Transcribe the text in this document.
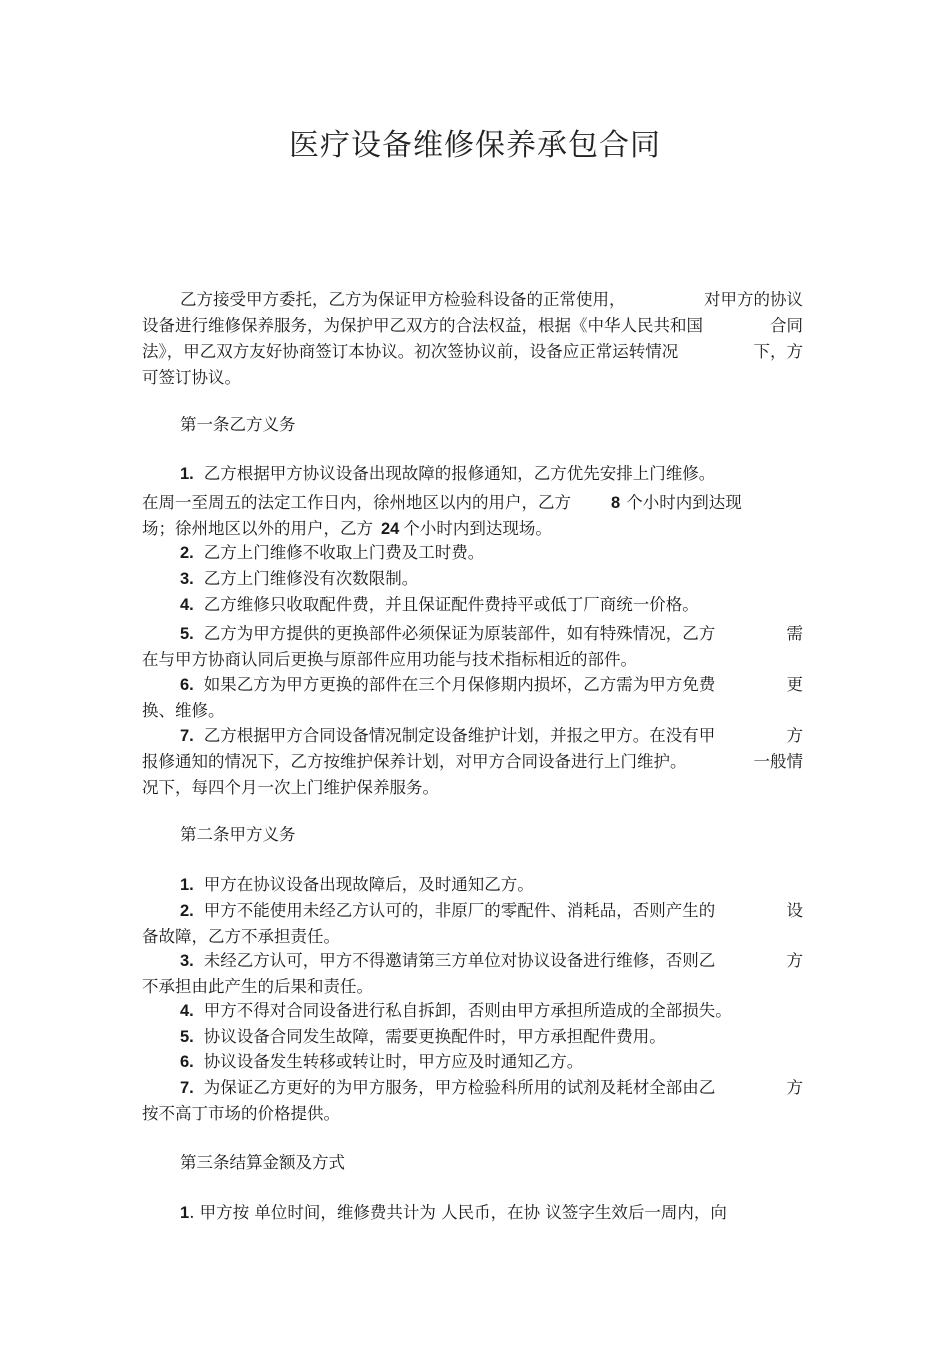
医疗设备维修保养承包合同
乙方接受甲方委托，乙方为保证甲方检验科设备的正常使用，	对甲方的协议
设备进行维修保养服务，为保护甲乙双方的合法权益，根据《中华人民共和国	合同
法》，甲乙双方友好协商签订本协议。初次签协议前，设备应正常运转情况	下，方
可签订协议。
第一条乙方义务
1. 乙方根据甲方协议设备出现故障的报修通知，乙方优先安排上门维修。
在周一至周五的法定工作日内，徐州地区以内的用户，乙方 8 个小时内到达现
场；徐州地区以外的用户，乙方 24 个小时内到达现场。
2. 乙方上门维修不收取上门费及工时费。
3. 乙方上门维修没有次数限制。
4. 乙方维修只收取配件费，并且保证配件费持平或低丁厂商统一价格。
5. 乙方为甲方提供的更换部件必须保证为原装部件，如有特殊情况，乙方	需
在与甲方协商认同后更换与原部件应用功能与技术指标相近的部件。
6. 如果乙方为甲方更换的部件在三个月保修期内损坏，乙方需为甲方免费	更
换、维修。
7. 乙方根据甲方合同设备情况制定设备维护计划，并报之甲方。在没有甲	方
报修通知的情况下，乙方按维护保养计划，对甲方合同设备进行上门维护。	一般情
况下，每四个月一次上门维护保养服务。
第二条甲方义务
1. 甲方在协议设备出现故障后，及时通知乙方。
2. 甲方不能使用未经乙方认可的，非原厂的零配件、消耗品，否则产生的	设
备故障，乙方不承担责任。
3. 未经乙方认可，甲方不得邀请第三方单位对协议设备进行维修，否则乙	方
不承担由此产生的后果和责任。
4. 甲方不得对合同设备进行私自拆卸，否则由甲方承担所造成的全部损失。
5. 协议设备合同发生故障，需要更换配件时，甲方承担配件费用。
6. 协议设备发生转移或转让时，甲方应及时通知乙方。
7. 为保证乙方更好的为甲方服务，甲方检验科所用的试剂及耗材全部由乙	方
按不高丁市场的价格提供。
第三条结算金额及方式
1. 甲方按 单位时间，维修费共计为 人民币，在协 议签字生效后一周内，向
